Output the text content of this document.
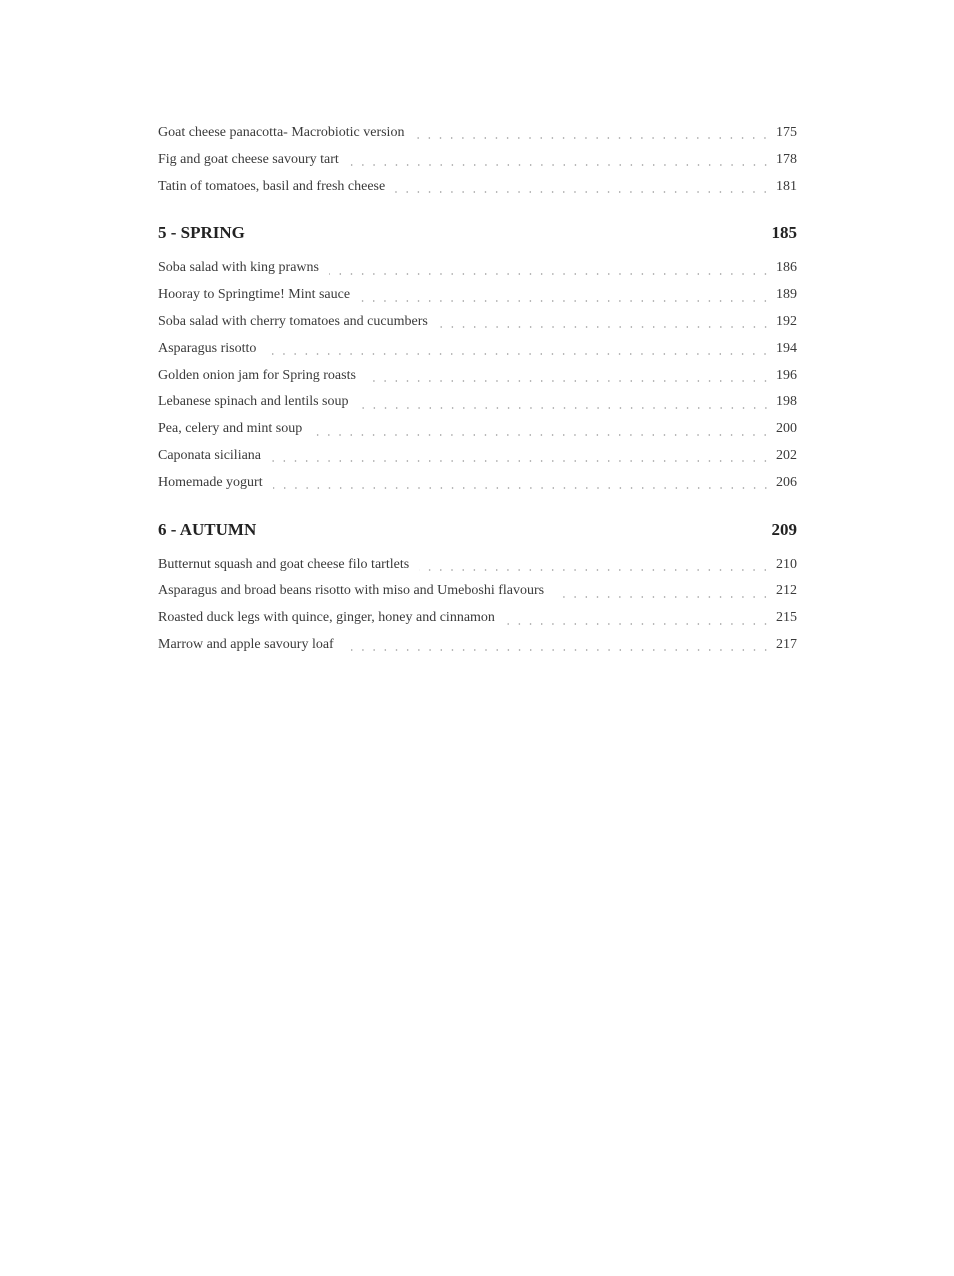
Goat cheese panacotta- Macrobiotic version	175
Fig and goat cheese savoury tart	178
Tatin of tomatoes, basil and fresh cheese	181
5 - SPRING	185
Soba salad with king prawns	186
Hooray to Springtime! Mint sauce	189
Soba salad with cherry tomatoes and cucumbers	192
Asparagus risotto	194
Golden onion jam for Spring roasts	196
Lebanese spinach and lentils soup	198
Pea, celery and mint soup	200
Caponata siciliana	202
Homemade yogurt	206
6 - AUTUMN	209
Butternut squash and goat cheese filo tartlets	210
Asparagus and broad beans risotto with miso and Umeboshi flavours	212
Roasted duck legs with quince, ginger, honey and cinnamon	215
Marrow and apple savoury loaf	217
